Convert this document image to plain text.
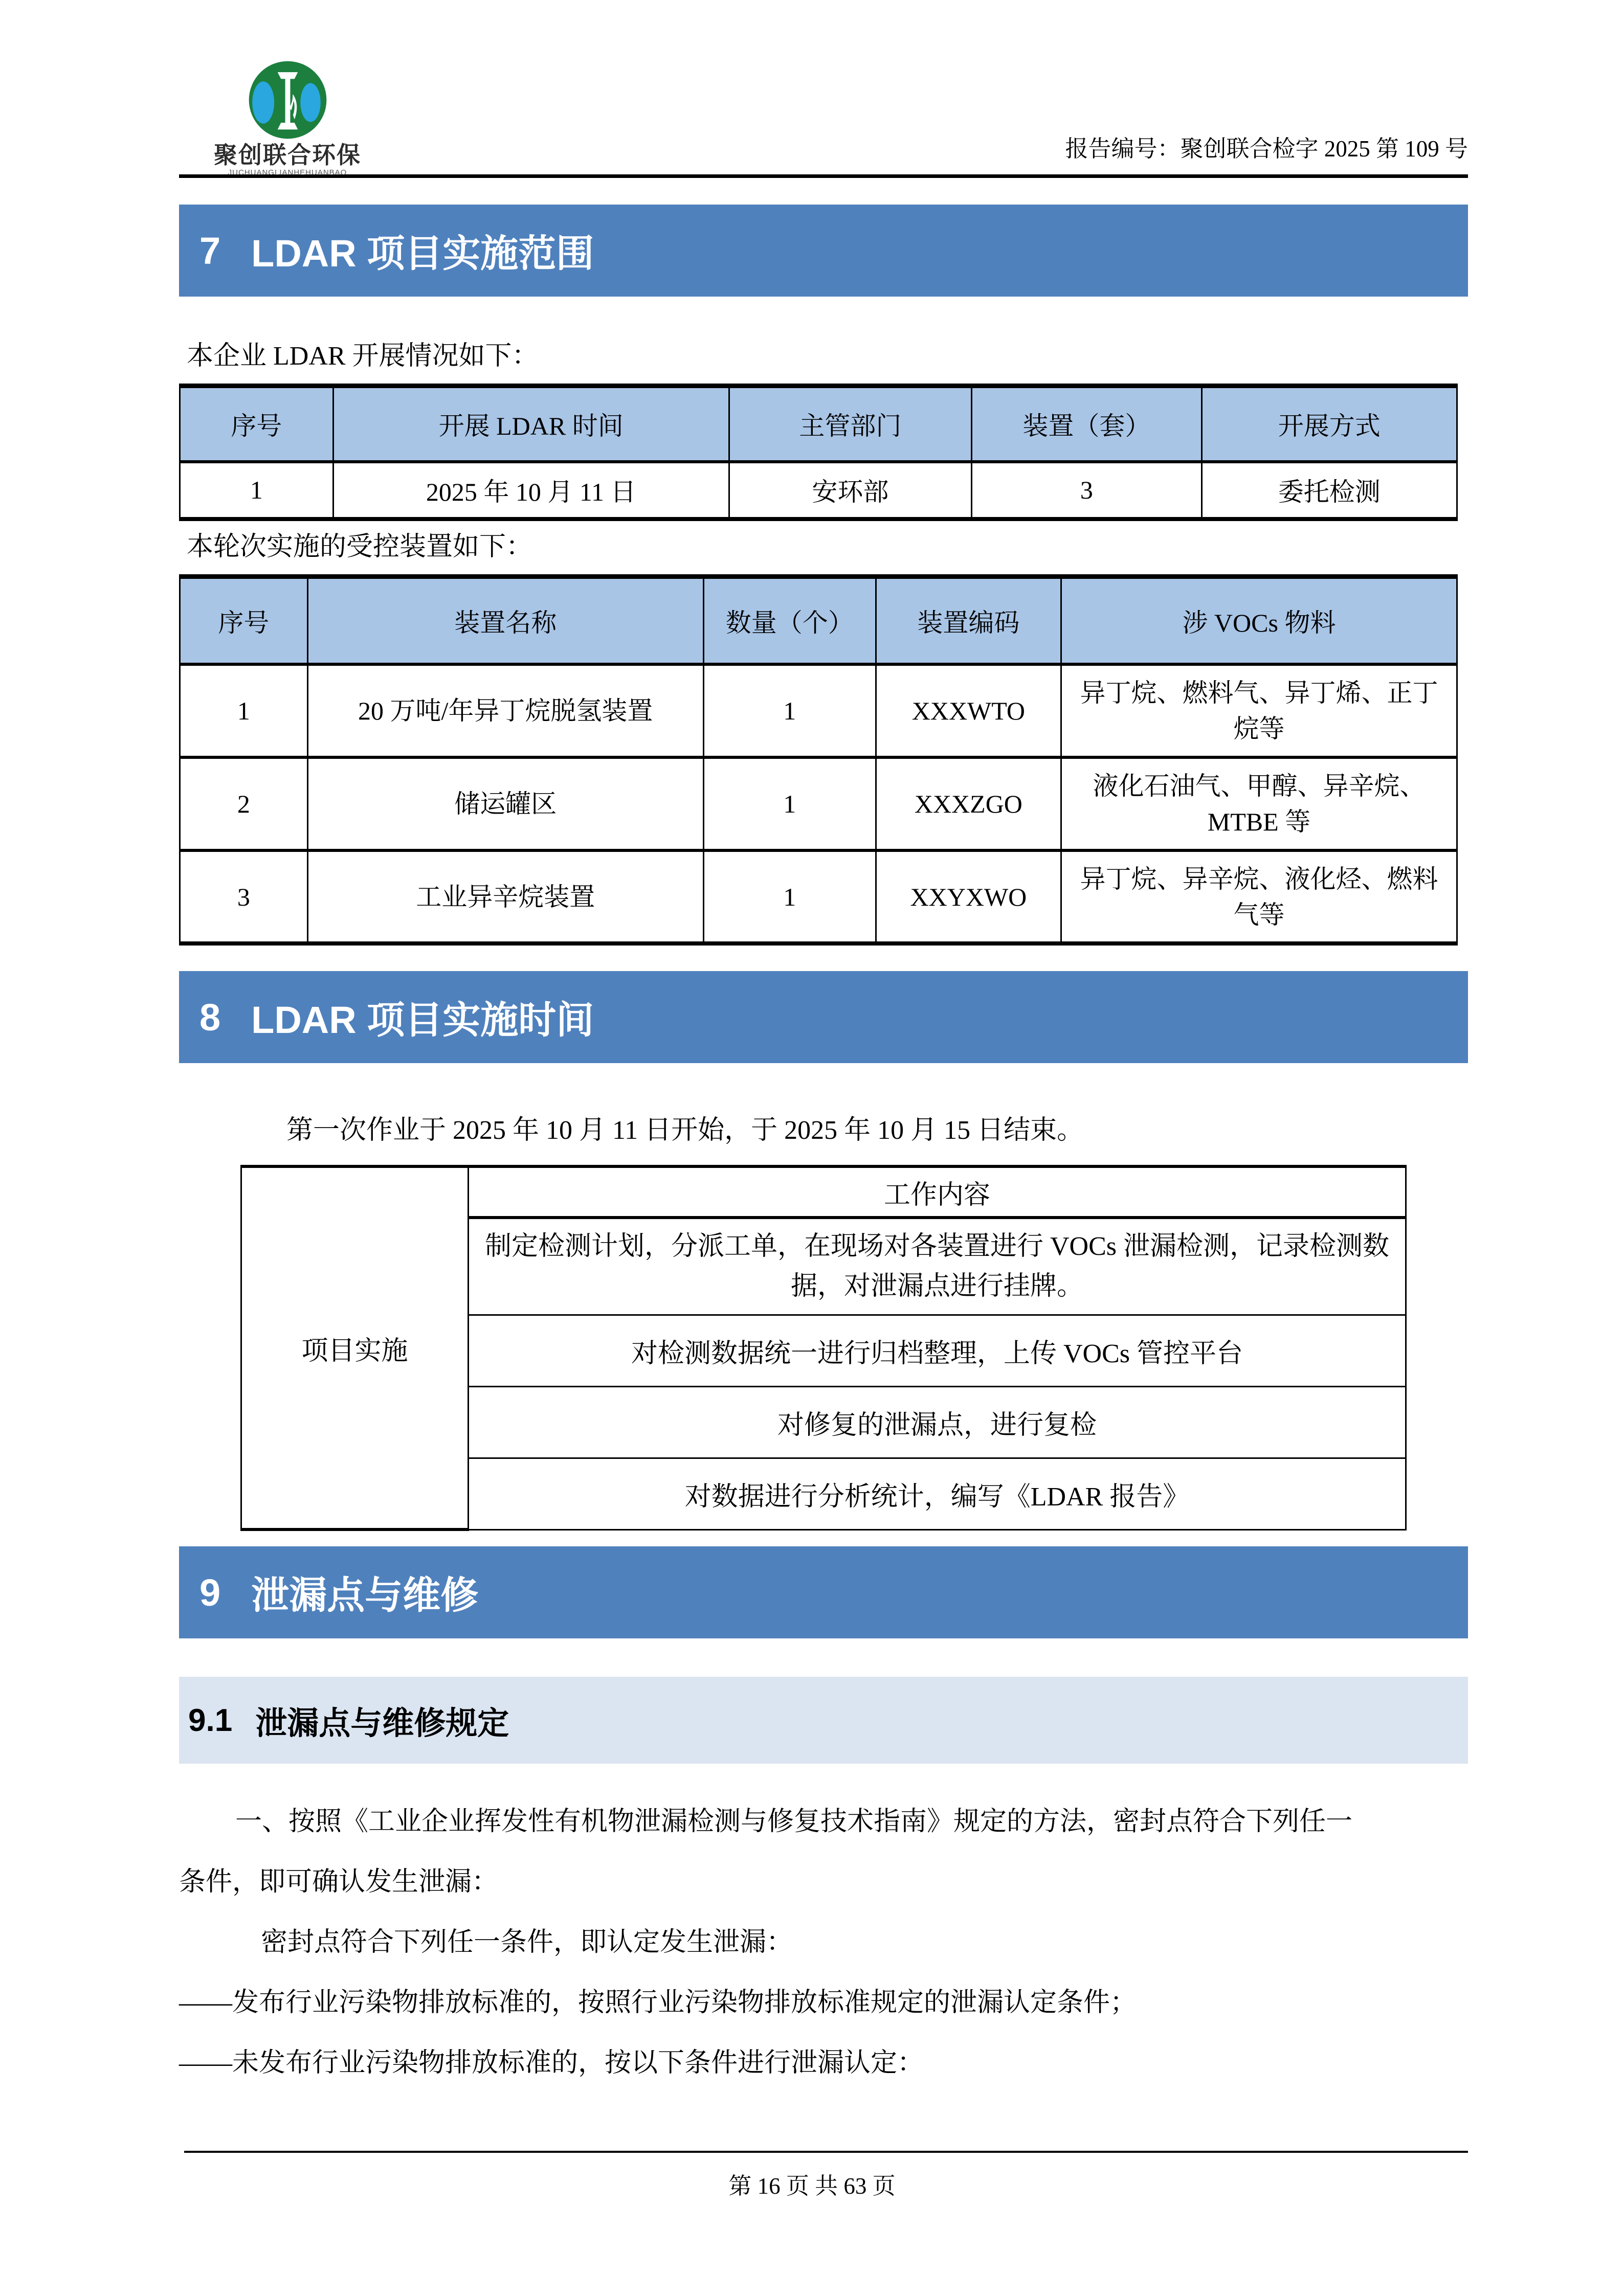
聚创联合环保
JUCHUANGLIANHEHUANBAO
报告编号：聚创联合检字 2025 第 109 号
7 LDAR 项目实施范围
本企业 LDAR 开展情况如下：
序号	开展 LDAR 时间	主管部门	装置（套）	开展方式
1	2025 年 10 月 11 日	安环部	3	委托检测
本轮次实施的受控装置如下：
序号	装置名称	数量（个）	装置编码	涉 VOCs 物料
1	20 万吨/年异丁烷脱氢装置	1	XXXWTO	异丁烷、燃料气、异丁烯、正丁烷等
2	储运罐区	1	XXXZGO	液化石油气、甲醇、异辛烷、MTBE 等
3	工业异辛烷装置	1	XXYXWO	异丁烷、异辛烷、液化烃、燃料气等
8 LDAR 项目实施时间
第一次作业于 2025 年 10 月 11 日开始，于 2025 年 10 月 15 日结束。
项目实施	工作内容
制定检测计划，分派工单，在现场对各装置进行 VOCs 泄漏检测，记录检测数据，对泄漏点进行挂牌。
对检测数据统一进行归档整理，上传 VOCs 管控平台
对修复的泄漏点，进行复检
对数据进行分析统计，编写《LDAR 报告》
9 泄漏点与维修
9.1 泄漏点与维修规定
一、按照《工业企业挥发性有机物泄漏检测与修复技术指南》规定的方法，密封点符合下列任一
条件，即可确认发生泄漏：
密封点符合下列任一条件，即认定发生泄漏：
——发布行业污染物排放标准的，按照行业污染物排放标准规定的泄漏认定条件；
——未发布行业污染物排放标准的，按以下条件进行泄漏认定：
第 16 页 共 63 页
